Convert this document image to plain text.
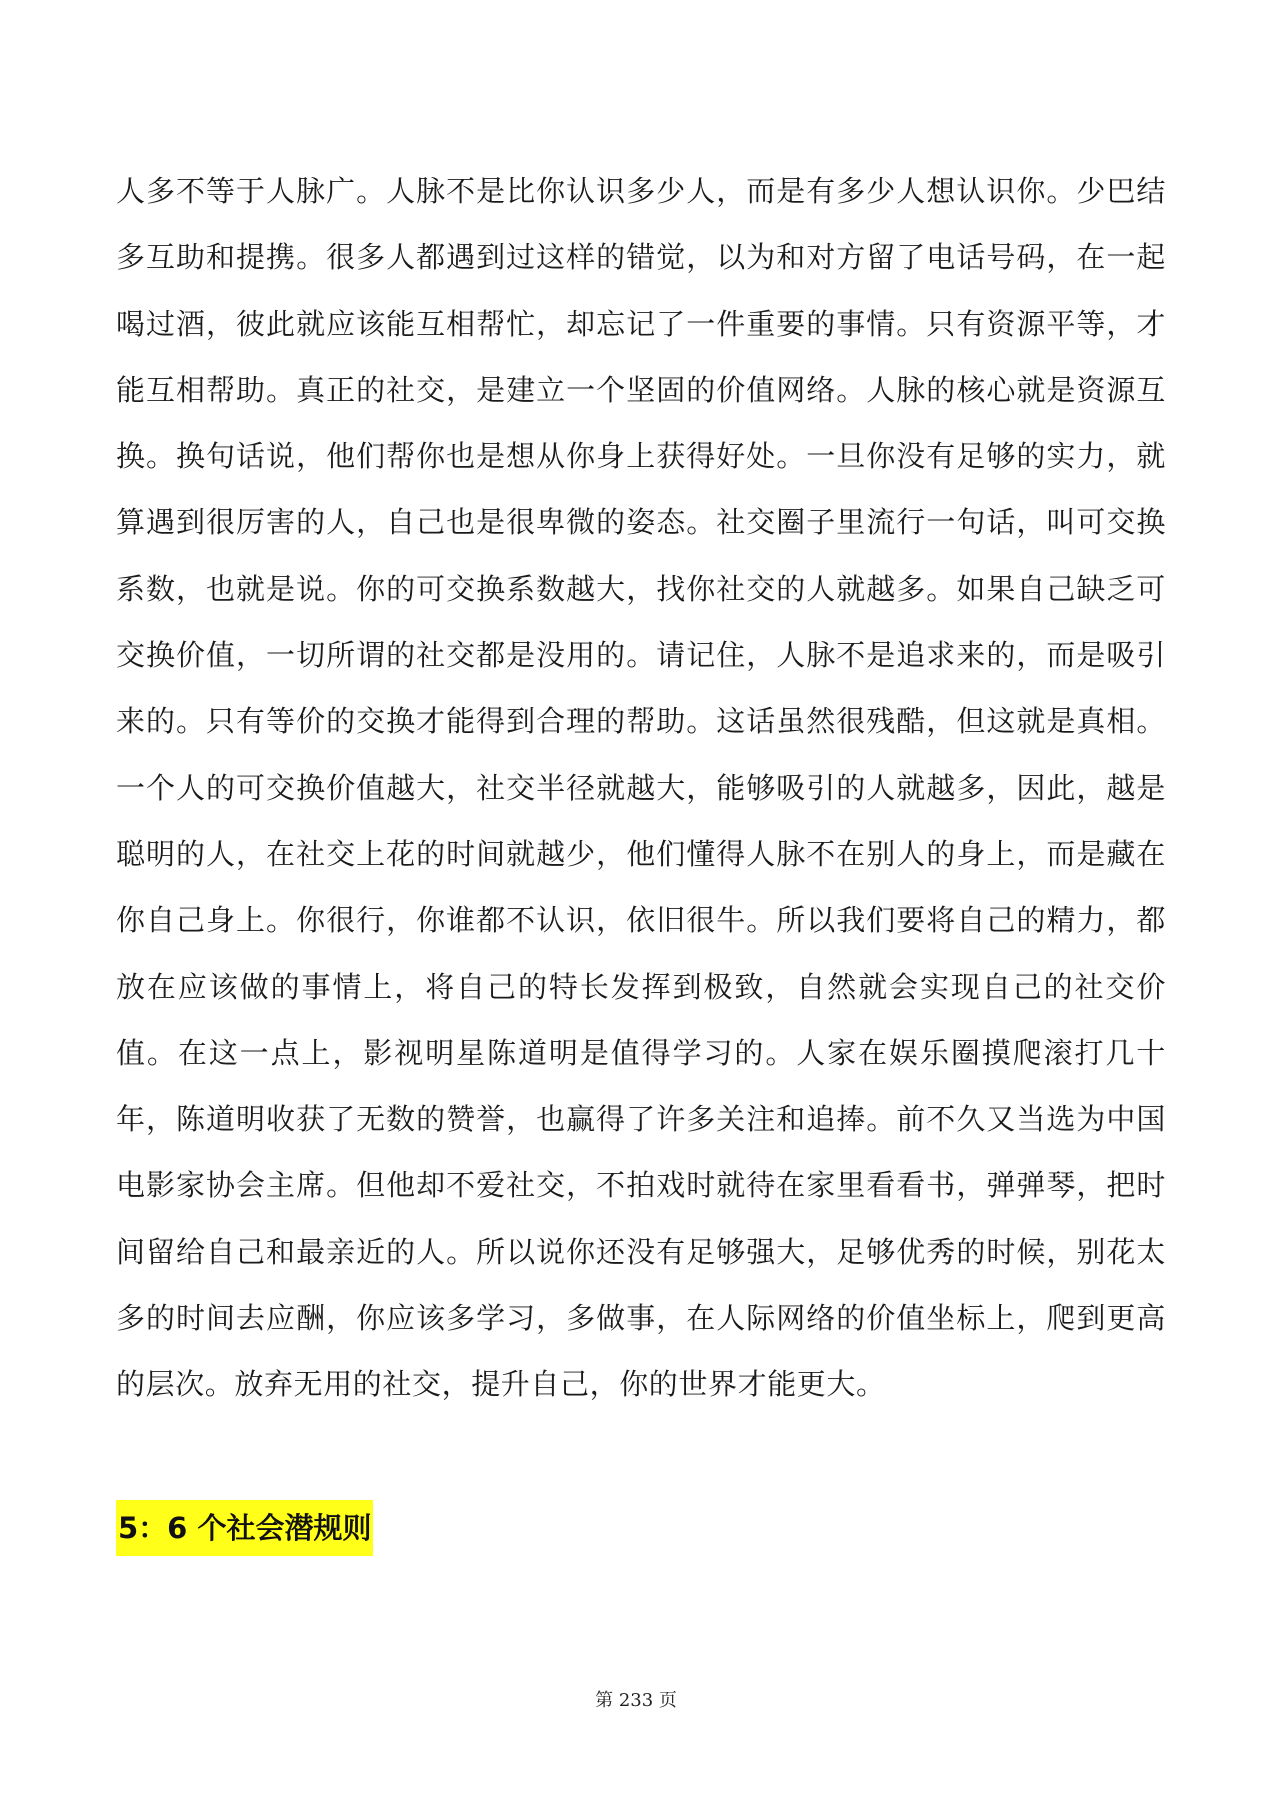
人多不等于人脉广。人脉不是比你认识多少人，而是有多少人想认识你。少巴结多互助和提携。很多人都遇到过这样的错觉，以为和对方留了电话号码，在一起喝过酒，彼此就应该能互相帮忙，却忘记了一件重要的事情。只有资源平等，才能互相帮助。真正的社交，是建立一个坚固的价值网络。人脉的核心就是资源互换。换句话说，他们帮你也是想从你身上获得好处。一旦你没有足够的实力，就算遇到很厉害的人，自己也是很卑微的姿态。社交圈子里流行一句话，叫可交换系数，也就是说。你的可交换系数越大，找你社交的人就越多。如果自己缺乏可交换价值，一切所谓的社交都是没用的。请记住，人脉不是追求来的，而是吸引来的。只有等价的交换才能得到合理的帮助。这话虽然很残酷，但这就是真相。一个人的可交换价值越大，社交半径就越大，能够吸引的人就越多，因此，越是聪明的人，在社交上花的时间就越少，他们懂得人脉不在别人的身上，而是藏在你自己身上。你很行，你谁都不认识，依旧很牛。所以我们要将自己的精力，都放在应该做的事情上，将自己的特长发挥到极致，自然就会实现自己的社交价值。在这一点上，影视明星陈道明是值得学习的。人家在娱乐圈摸爬滚打几十年，陈道明收获了无数的赞誉，也赢得了许多关注和追捧。前不久又当选为中国电影家协会主席。但他却不爱社交，不拍戏时就待在家里看看书，弹弹琴，把时间留给自己和最亲近的人。所以说你还没有足够强大，足够优秀的时候，别花太多的时间去应酬，你应该多学习，多做事，在人际网络的价值坐标上，爬到更高的层次。放弃无用的社交，提升自己，你的世界才能更大。

5：6 个社会潜规则
第 233 页
